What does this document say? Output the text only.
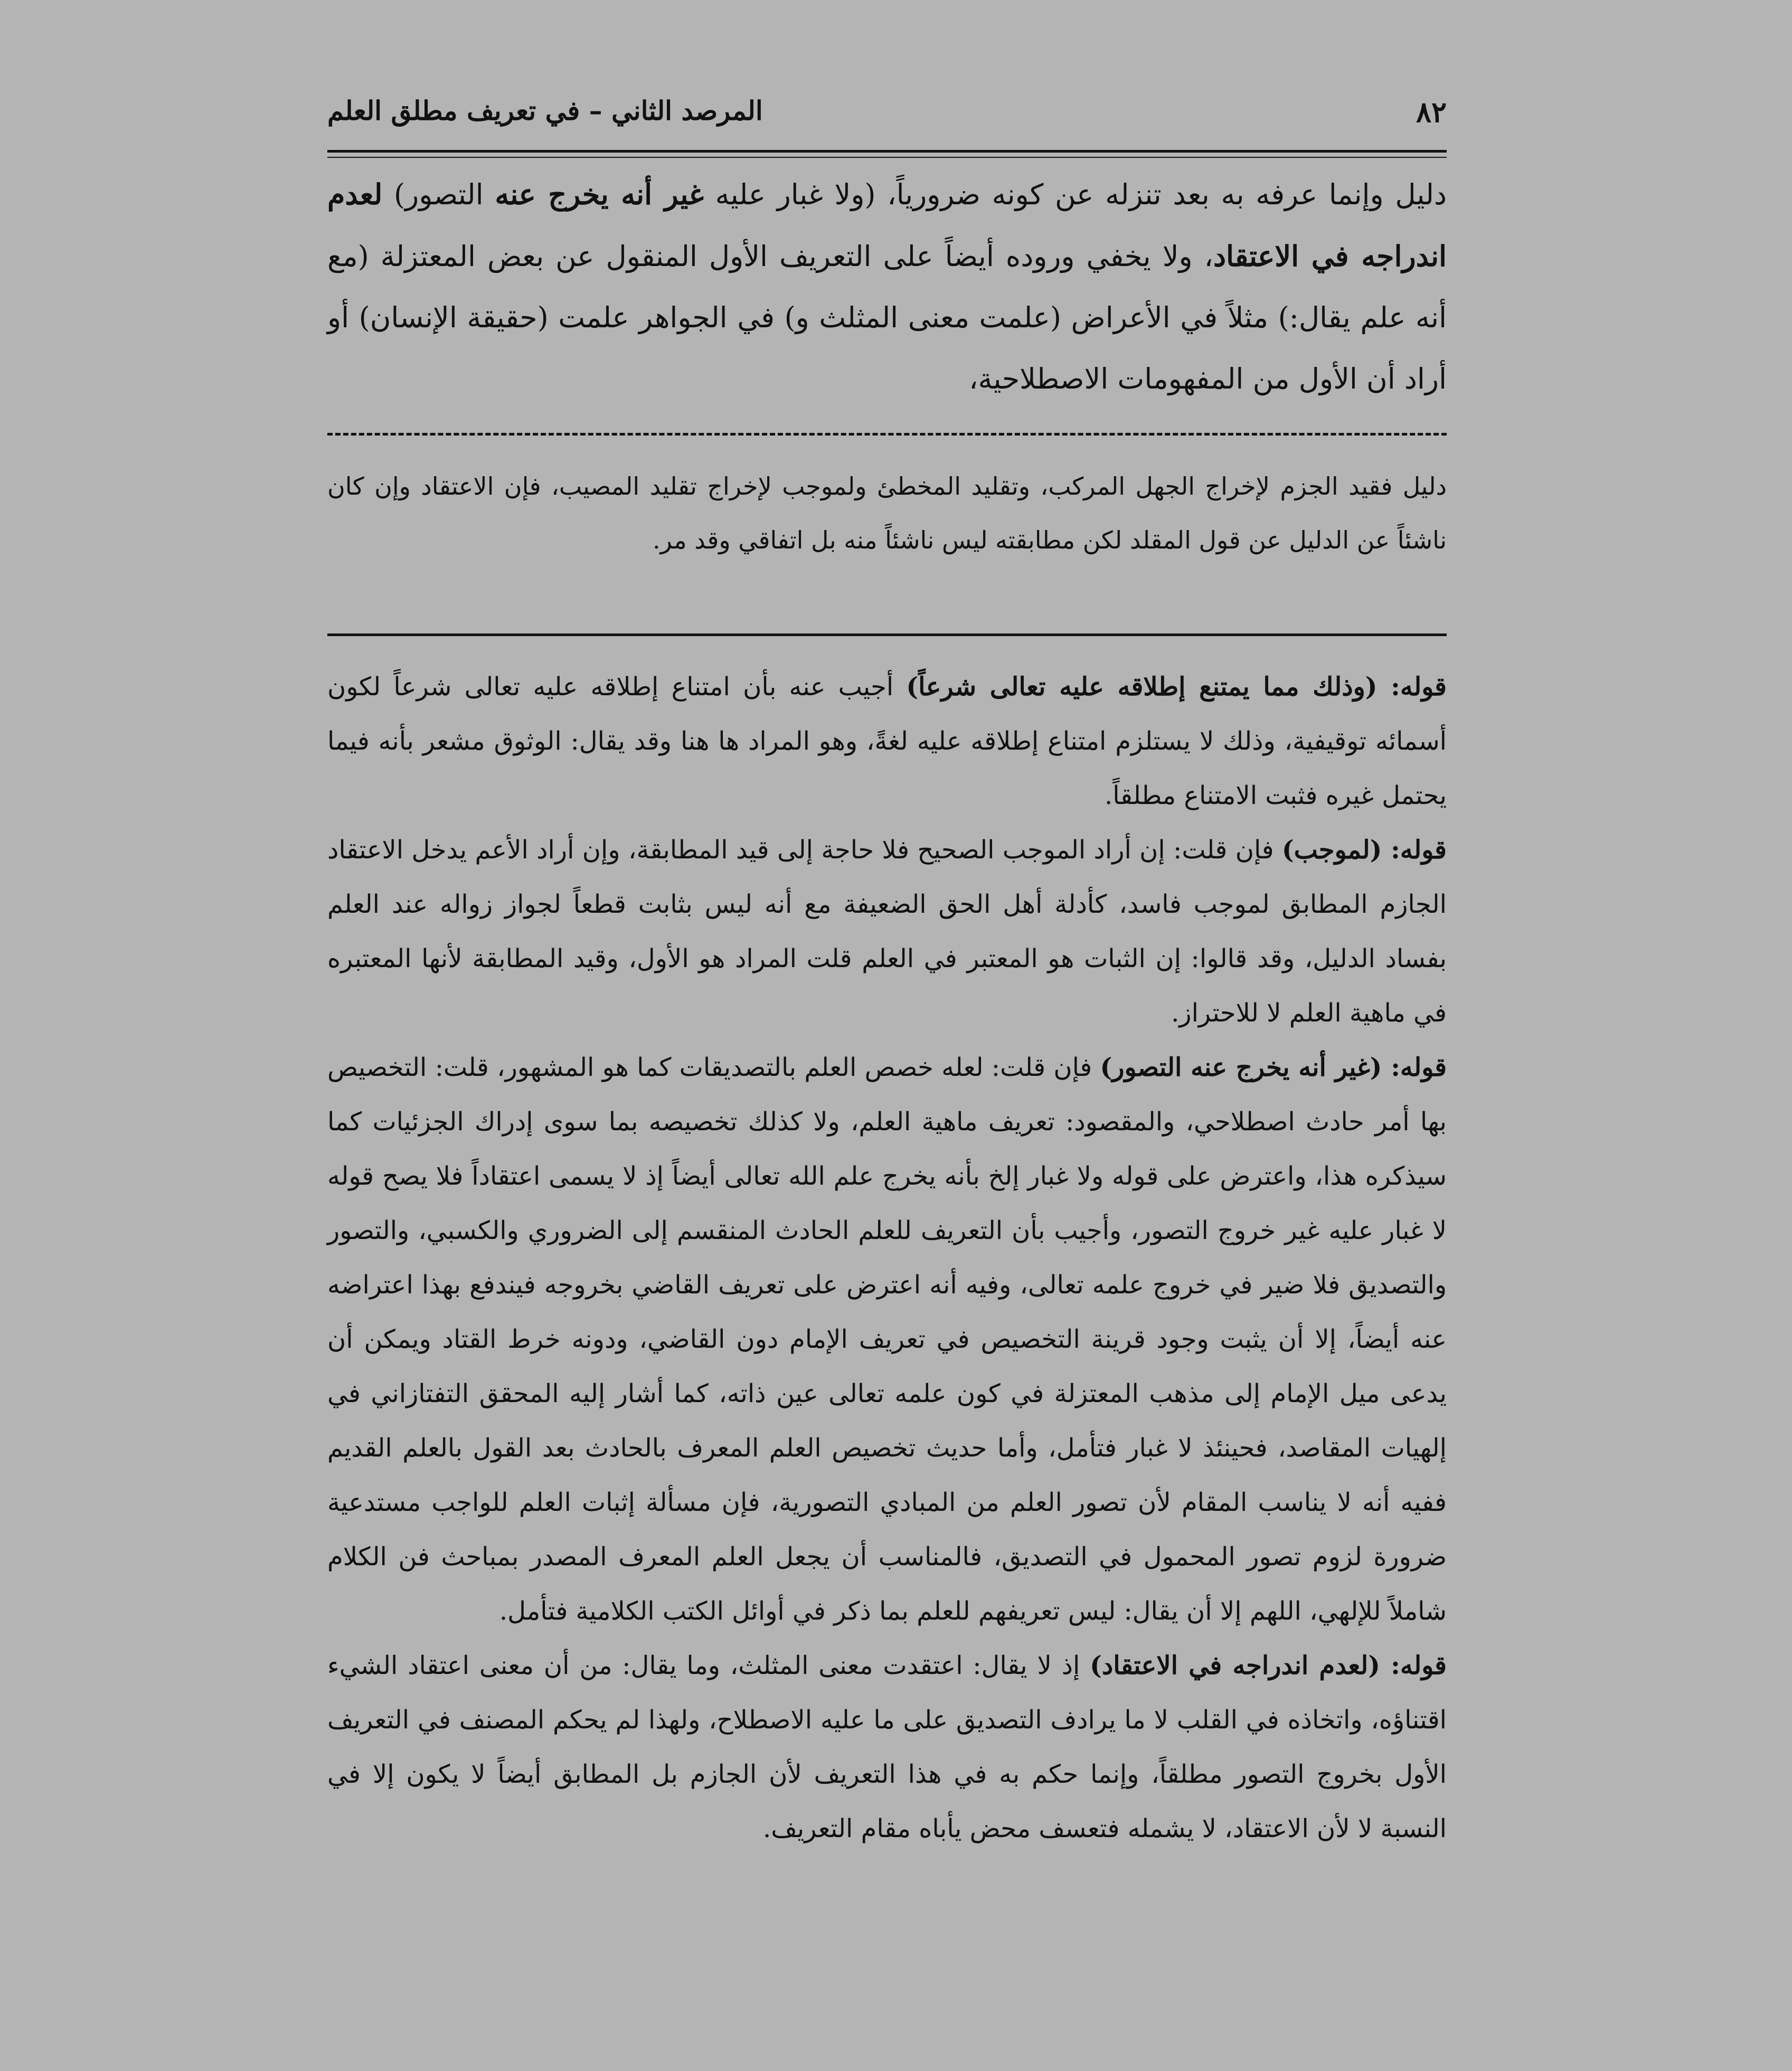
٨٢
المرصد الثاني – في تعريف مطلق العلم
دليل وإنما عرفه به بعد تنزله عن كونه ضرورياً، (ولا غبار عليه غير أنه يخرج عنه التصور) لعدم اندراجه في الاعتقاد، ولا يخفي وروده أيضاً على التعريف الأول المنقول عن بعض المعتزلة (مع أنه علم يقال:) مثلاً في الأعراض (علمت معنى المثلث و) في الجواهر علمت (حقيقة الإنسان) أو أراد أن الأول من المفهومات الاصطلاحية،
دليل فقيد الجزم لإخراج الجهل المركب، وتقليد المخطئ ولموجب لإخراج تقليد المصيب، فإن الاعتقاد وإن كان ناشئاً عن الدليل عن قول المقلد لكن مطابقته ليس ناشئاً منه بل اتفاقي وقد مر.

قوله: (وذلك مما يمتنع إطلاقه عليه تعالى شرعاً) أجيب عنه بأن امتناع إطلاقه عليه تعالى شرعاً لكون أسمائه توقيفية، وذلك لا يستلزم امتناع إطلاقه عليه لغةً، وهو المراد ها هنا وقد يقال: الوثوق مشعر بأنه فيما يحتمل غيره فثبت الامتناع مطلقاً.

قوله: (لموجب) فإن قلت: إن أراد الموجب الصحيح فلا حاجة إلى قيد المطابقة، وإن أراد الأعم يدخل الاعتقاد الجازم المطابق لموجب فاسد، كأدلة أهل الحق الضعيفة مع أنه ليس بثابت قطعاً لجواز زواله عند العلم بفساد الدليل، وقد قالوا: إن الثبات هو المعتبر في العلم قلت المراد هو الأول، وقيد المطابقة لأنها المعتبره في ماهية العلم لا للاحتراز.

قوله: (غير أنه يخرج عنه التصور) فإن قلت: لعله خصص العلم بالتصديقات كما هو المشهور، قلت: التخصيص بها أمر حادث اصطلاحي، والمقصود: تعريف ماهية العلم، ولا كذلك تخصيصه بما سوى إدراك الجزئيات كما سيذكره هذا، واعترض على قوله ولا غبار إلخ بأنه يخرج علم الله تعالى أيضاً إذ لا يسمى اعتقاداً فلا يصح قوله لا غبار عليه غير خروج التصور، وأجيب بأن التعريف للعلم الحادث المنقسم إلى الضروري والكسبي، والتصور والتصديق فلا ضير في خروج علمه تعالى، وفيه أنه اعترض على تعريف القاضي بخروجه فيندفع بهذا اعتراضه عنه أيضاً، إلا أن يثبت وجود قرينة التخصيص في تعريف الإمام دون القاضي، ودونه خرط القتاد ويمكن أن يدعى ميل الإمام إلى مذهب المعتزلة في كون علمه تعالى عين ذاته، كما أشار إليه المحقق التفتازاني في إلهيات المقاصد، فحينئذ لا غبار فتأمل، وأما حديث تخصيص العلم المعرف بالحادث بعد القول بالعلم القديم ففيه أنه لا يناسب المقام لأن تصور العلم من المبادي التصورية، فإن مسألة إثبات العلم للواجب مستدعية ضرورة لزوم تصور المحمول في التصديق، فالمناسب أن يجعل العلم المعرف المصدر بمباحث فن الكلام شاملاً للإلهي، اللهم إلا أن يقال: ليس تعريفهم للعلم بما ذكر في أوائل الكتب الكلامية فتأمل.

قوله: (لعدم اندراجه في الاعتقاد) إذ لا يقال: اعتقدت معنى المثلث، وما يقال: من أن معنى اعتقاد الشيء اقتناؤه، واتخاذه في القلب لا ما يرادف التصديق على ما عليه الاصطلاح، ولهذا لم يحكم المصنف في التعريف الأول بخروج التصور مطلقاً، وإنما حكم به في هذا التعريف لأن الجازم بل المطابق أيضاً لا يكون إلا في النسبة لا لأن الاعتقاد، لا يشمله فتعسف محض يأباه مقام التعريف.
